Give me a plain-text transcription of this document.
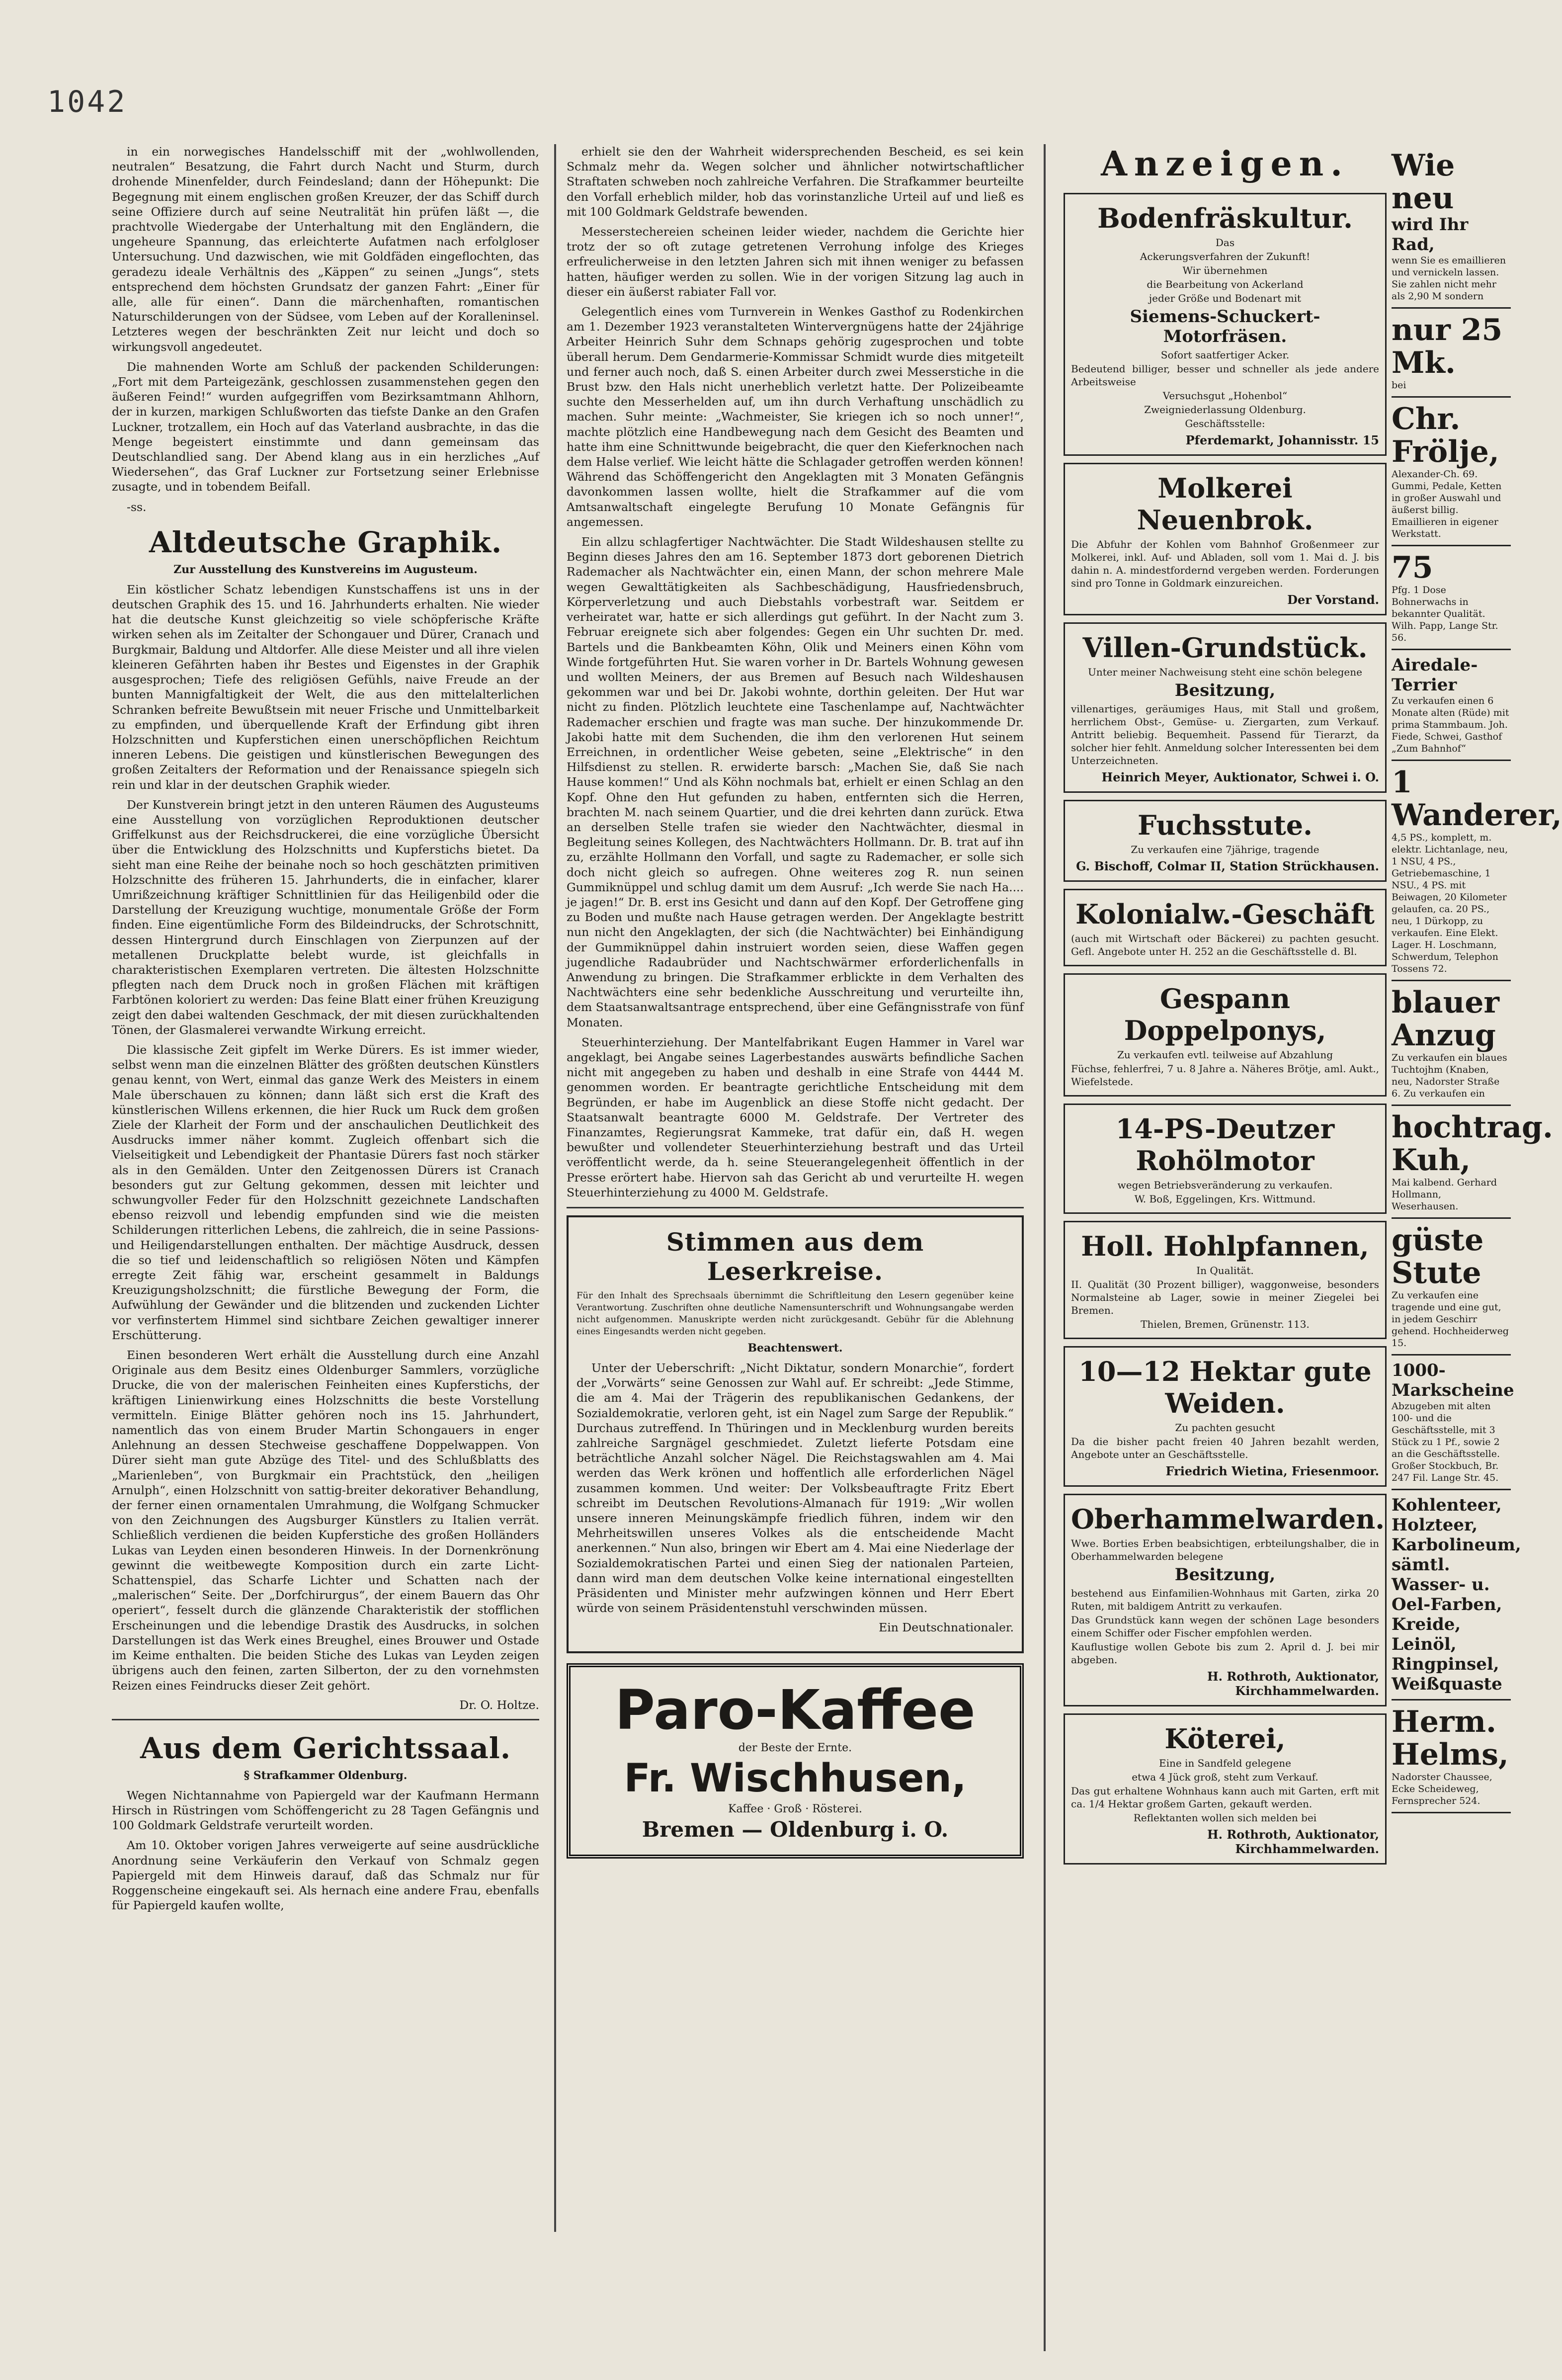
1042

in ein norwegisches Handelsschiff mit der „wohlwollenden, neutralen“ Besatzung, die Fahrt durch Nacht und Sturm, durch drohende Minenfelder, durch Feindesland; dann der Höhepunkt: Die Begegnung mit einem englischen großen Kreuzer, der das Schiff durch seine Offiziere durch auf seine Neutralität hin prüfen läßt —, die prachtvolle Wiedergabe der Unterhaltung mit den Engländern, die ungeheure Spannung, das erleichterte Aufatmen nach erfolgloser Untersuchung. Und dazwischen, wie mit Goldfäden eingeflochten, das geradezu ideale Verhältnis des „Käppen“ zu seinen „Jungs“, stets entsprechend dem höchsten Grundsatz der ganzen Fahrt: „Einer für alle, alle für einen“. Dann die märchenhaften, romantischen Naturschilderungen von der Südsee, vom Leben auf der Koralleninsel. Letzteres wegen der beschränkten Zeit nur leicht und doch so wirkungsvoll angedeutet.

Die mahnenden Worte am Schluß der packenden Schilderungen: „Fort mit dem Parteigezänk, geschlossen zusammenstehen gegen den äußeren Feind!“ wurden aufgegriffen vom Bezirksamtmann Ahlhorn, der in kurzen, markigen Schlußworten das tiefste Danke an den Grafen Luckner, trotzallem, ein Hoch auf das Vaterland ausbrachte, in das die Menge begeistert einstimmte und dann gemeinsam das Deutschlandlied sang. Der Abend klang aus in ein herzliches „Auf Wiedersehen“, das Graf Luckner zur Fortsetzung seiner Erlebnisse zusagte, und in tobendem Beifall.

-ss.

Altdeutsche Graphik.
Zur Ausstellung des Kunstvereins im Augusteum.

Ein köstlicher Schatz lebendigen Kunstschaffens ist uns in der deutschen Graphik des 15. und 16. Jahrhunderts erhalten. Nie wieder hat die deutsche Kunst gleichzeitig so viele schöpferische Kräfte wirken sehen als im Zeitalter der Schongauer und Dürer, Cranach und Burgkmair, Baldung und Altdorfer. Alle diese Meister und all ihre vielen kleineren Gefährten haben ihr Bestes und Eigenstes in der Graphik ausgesprochen; Tiefe des religiösen Gefühls, naive Freude an der bunten Mannigfaltigkeit der Welt, die aus den mittelalterlichen Schranken befreite Bewußtsein mit neuer Frische und Unmittelbarkeit zu empfinden, und überquellende Kraft der Erfindung gibt ihren Holzschnitten und Kupferstichen einen unerschöpflichen Reichtum inneren Lebens. Die geistigen und künstlerischen Bewegungen des großen Zeitalters der Reformation und der Renaissance spiegeln sich rein und klar in der deutschen Graphik wieder.

Der Kunstverein bringt jetzt in den unteren Räumen des Augusteums eine Ausstellung von vorzüglichen Reproduktionen deutscher Griffelkunst aus der Reichsdruckerei, die eine vorzügliche Übersicht über die Entwicklung des Holzschnitts und Kupferstichs bietet. Da sieht man eine Reihe der beinahe noch so hoch geschätzten primitiven Holzschnitte des früheren 15. Jahrhunderts, die in einfacher, klarer Umrißzeichnung kräftiger Schnittlinien für das Heiligenbild oder die Darstellung der Kreuzigung wuchtige, monumentale Größe der Form finden. Eine eigentümliche Form des Bildeindrucks, der Schrotschnitt, dessen Hintergrund durch Einschlagen von Zierpunzen auf der metallenen Druckplatte belebt wurde, ist gleichfalls in charakteristischen Exemplaren vertreten. Die ältesten Holzschnitte pflegten nach dem Druck noch in großen Flächen mit kräftigen Farbtönen koloriert zu werden: Das feine Blatt einer frühen Kreuzigung zeigt den dabei waltenden Geschmack, der mit diesen zurückhaltenden Tönen, der Glasmalerei verwandte Wirkung erreicht.

Die klassische Zeit gipfelt im Werke Dürers. Es ist immer wieder, selbst wenn man die einzelnen Blätter des größten deutschen Künstlers genau kennt, von Wert, einmal das ganze Werk des Meisters in einem Male überschauen zu können; dann läßt sich erst die Kraft des künstlerischen Willens erkennen, die hier Ruck um Ruck dem großen Ziele der Klarheit der Form und der anschaulichen Deutlichkeit des Ausdrucks immer näher kommt. Zugleich offenbart sich die Vielseitigkeit und Lebendigkeit der Phantasie Dürers fast noch stärker als in den Gemälden. Unter den Zeitgenossen Dürers ist Cranach besonders gut zur Geltung gekommen, dessen mit leichter und schwungvoller Feder für den Holzschnitt gezeichnete Landschaften ebenso reizvoll und lebendig empfunden sind wie die meisten Schilderungen ritterlichen Lebens, die zahlreich, die in seine Passions- und Heiligendarstellungen enthalten. Der mächtige Ausdruck, dessen die so tief und leidenschaftlich so religiösen Nöten und Kämpfen erregte Zeit fähig war, erscheint gesammelt in Baldungs Kreuzigungsholzschnitt; die fürstliche Bewegung der Form, die Aufwühlung der Gewänder und die blitzenden und zuckenden Lichter vor verfinstertem Himmel sind sichtbare Zeichen gewaltiger innerer Erschütterung.

Einen besonderen Wert erhält die Ausstellung durch eine Anzahl Originale aus dem Besitz eines Oldenburger Sammlers, vorzügliche Drucke, die von der malerischen Feinheiten eines Kupferstichs, der kräftigen Linienwirkung eines Holzschnitts die beste Vorstellung vermitteln. Einige Blätter gehören noch ins 15. Jahrhundert, namentlich das von einem Bruder Martin Schongauers in enger Anlehnung an dessen Stechweise geschaffene Doppelwappen. Von Dürer sieht man gute Abzüge des Titel- und des Schlußblatts des „Marienleben“, von Burgkmair ein Prachtstück, den „heiligen Arnulph“, einen Holzschnitt von sattig-breiter dekorativer Behandlung, der ferner einen ornamentalen Umrahmung, die Wolfgang Schmucker von den Zeichnungen des Augsburger Künstlers zu Italien verrät. Schließlich verdienen die beiden Kupferstiche des großen Holländers Lukas van Leyden einen besonderen Hinweis. In der Dornenkrönung gewinnt die weitbewegte Komposition durch ein zarte Licht-Schattenspiel, das Scharfe Lichter und Schatten nach der „malerischen“ Seite. Der „Dorfchirurgus“, der einem Bauern das Ohr operiert“, fesselt durch die glänzende Charakteristik der stofflichen Erscheinungen und die lebendige Drastik des Ausdrucks, in solchen Darstellungen ist das Werk eines Breughel, eines Brouwer und Ostade im Keime enthalten. Die beiden Stiche des Lukas van Leyden zeigen übrigens auch den feinen, zarten Silberton, der zu den vornehmsten Reizen eines Feindrucks dieser Zeit gehört.

Dr. O. Holtze.
Aus dem Gerichtssaal.
§ Strafkammer Oldenburg.

Wegen Nichtannahme von Papiergeld war der Kaufmann Hermann Hirsch in Rüstringen vom Schöffengericht zu 28 Tagen Gefängnis und 100 Goldmark Geldstrafe verurteilt worden.

Am 10. Oktober vorigen Jahres verweigerte auf seine ausdrückliche Anordnung seine Verkäuferin den Verkauf von Schmalz gegen Papiergeld mit dem Hinweis darauf, daß das Schmalz nur für Roggenscheine eingekauft sei. Als hernach eine andere Frau, ebenfalls für Papiergeld kaufen wollte,

erhielt sie den der Wahrheit widersprechenden Bescheid, es sei kein Schmalz mehr da. Wegen solcher und ähnlicher notwirtschaftlicher Straftaten schweben noch zahlreiche Verfahren. Die Strafkammer beurteilte den Vorfall erheblich milder, hob das vorinstanzliche Urteil auf und ließ es mit 100 Goldmark Geldstrafe bewenden.

Messerstechereien scheinen leider wieder, nachdem die Gerichte hier trotz der so oft zutage getretenen Verrohung infolge des Krieges erfreulicherweise in den letzten Jahren sich mit ihnen weniger zu befassen hatten, häufiger werden zu sollen. Wie in der vorigen Sitzung lag auch in dieser ein äußerst rabiater Fall vor.

Gelegentlich eines vom Turnverein in Wenkes Gasthof zu Rodenkirchen am 1. Dezember 1923 veranstalteten Wintervergnügens hatte der 24jährige Arbeiter Heinrich Suhr dem Schnaps gehörig zugesprochen und tobte überall herum. Dem Gendarmerie-Kommissar Schmidt wurde dies mitgeteilt und ferner auch noch, daß S. einen Arbeiter durch zwei Messerstiche in die Brust bzw. den Hals nicht unerheblich verletzt hatte. Der Polizeibeamte suchte den Messerhelden auf, um ihn durch Verhaftung unschädlich zu machen. Suhr meinte: „Wachmeister, Sie kriegen ich so noch unner!“, machte plötzlich eine Handbewegung nach dem Gesicht des Beamten und hatte ihm eine Schnittwunde beigebracht, die quer den Kieferknochen nach dem Halse verlief. Wie leicht hätte die Schlagader getroffen werden können! Während das Schöffengericht den Angeklagten mit 3 Monaten Gefängnis davonkommen lassen wollte, hielt die Strafkammer auf die vom Amtsanwaltschaft eingelegte Berufung 10 Monate Gefängnis für angemessen.

Ein allzu schlagfertiger Nachtwächter. Die Stadt Wildeshausen stellte zu Beginn dieses Jahres den am 16. September 1873 dort geborenen Dietrich Rademacher als Nachtwächter ein, einen Mann, der schon mehrere Male wegen Gewalttätigkeiten als Sachbeschädigung, Hausfriedensbruch, Körperverletzung und auch Diebstahls vorbestraft war. Seitdem er verheiratet war, hatte er sich allerdings gut geführt. In der Nacht zum 3. Februar ereignete sich aber folgendes: Gegen ein Uhr suchten Dr. med. Bartels und die Bankbeamten Köhn, Olik und Meiners einen Köhn vom Winde fortgeführten Hut. Sie waren vorher in Dr. Bartels Wohnung gewesen und wollten Meiners, der aus Bremen auf Besuch nach Wildeshausen gekommen war und bei Dr. Jakobi wohnte, dorthin geleiten. Der Hut war nicht zu finden. Plötzlich leuchtete eine Taschenlampe auf, Nachtwächter Rademacher erschien und fragte was man suche. Der hinzukommende Dr. Jakobi hatte mit dem Suchenden, die ihm den verlorenen Hut seinem Erreichnen, in ordentlicher Weise gebeten, seine „Elektrische“ in den Hilfsdienst zu stellen. R. erwiderte barsch: „Machen Sie, daß Sie nach Hause kommen!“ Und als Köhn nochmals bat, erhielt er einen Schlag an den Kopf. Ohne den Hut gefunden zu haben, entfernten sich die Herren, brachten M. nach seinem Quartier, und die drei kehrten dann zurück. Etwa an derselben Stelle trafen sie wieder den Nachtwächter, diesmal in Begleitung seines Kollegen, des Nachtwächters Hollmann. Dr. B. trat auf ihn zu, erzählte Hollmann den Vorfall, und sagte zu Rademacher, er solle sich doch nicht gleich so aufregen. Ohne weiteres zog R. nun seinen Gummiknüppel und schlug damit um dem Ausruf: „Ich werde Sie nach Ha.... je jagen!“ Dr. B. erst ins Gesicht und dann auf den Kopf. Der Getroffene ging zu Boden und mußte nach Hause getragen werden. Der Angeklagte bestritt nun nicht den Angeklagten, der sich (die Nachtwächter) bei Einhändigung der Gummiknüppel dahin instruiert worden seien, diese Waffen gegen jugendliche Radaubrüder und Nachtschwärmer erforderlichenfalls in Anwendung zu bringen. Die Strafkammer erblickte in dem Verhalten des Nachtwächters eine sehr bedenkliche Ausschreitung und verurteilte ihn, dem Staatsanwaltsantrage entsprechend, über eine Gefängnisstrafe von fünf Monaten.

Steuerhinterziehung. Der Mantelfabrikant Eugen Hammer in Varel war angeklagt, bei Angabe seines Lagerbestandes auswärts befindliche Sachen nicht mit angegeben zu haben und deshalb in eine Strafe von 4444 M. genommen worden. Er beantragte gerichtliche Entscheidung mit dem Begründen, er habe im Augenblick an diese Stoffe nicht gedacht. Der Staatsanwalt beantragte 6000 M. Geldstrafe. Der Vertreter des Finanzamtes, Regierungsrat Kammeke, trat dafür ein, daß H. wegen bewußter und vollendeter Steuerhinterziehung bestraft und das Urteil veröffentlicht werde, da h. seine Steuerangelegenheit öffentlich in der Presse erörtert habe. Hiervon sah das Gericht ab und verurteilte H. wegen Steuerhinterziehung zu 4000 M. Geldstrafe.

Stimmen aus dem Leserkreise.

Für den Inhalt des Sprechsaals übernimmt die Schriftleitung den Lesern gegenüber keine Verantwortung. Zuschriften ohne deutliche Namensunterschrift und Wohnungsangabe werden nicht aufgenommen. Manuskripte werden nicht zurückgesandt. Gebühr für die Ablehnung eines Eingesandts werden nicht gegeben.

Beachtenswert.

Unter der Ueberschrift: „Nicht Diktatur, sondern Monarchie“, fordert der „Vorwärts“ seine Genossen zur Wahl auf. Er schreibt: „Jede Stimme, die am 4. Mai der Trägerin des republikanischen Gedankens, der Sozialdemokratie, verloren geht, ist ein Nagel zum Sarge der Republik.“ Durchaus zutreffend. In Thüringen und in Mecklenburg wurden bereits zahlreiche Sargnägel geschmiedet. Zuletzt lieferte Potsdam eine beträchtliche Anzahl solcher Nägel. Die Reichstagswahlen am 4. Mai werden das Werk krönen und hoffentlich alle erforderlichen Nägel zusammen kommen. Und weiter: Der Volksbeauftragte Fritz Ebert schreibt im Deutschen Revolutions-Almanach für 1919: „Wir wollen unsere inneren Meinungskämpfe friedlich führen, indem wir den Mehrheitswillen unseres Volkes als die entscheidende Macht anerkennen.“ Nun also, bringen wir Ebert am 4. Mai eine Niederlage der Sozialdemokratischen Partei und einen Sieg der nationalen Parteien, dann wird man dem deutschen Volke keine international eingestellten Präsidenten und Minister mehr aufzwingen können und Herr Ebert würde von seinem Präsidentenstuhl verschwinden müssen.

Ein Deutschnationaler.
Paro-Kaffee
der Beste der Ernte.
Fr. Wischhusen,
Kaffee · Groß · Rösterei.
Bremen — Oldenburg i. O.
Anzeigen.
Bodenfräskultur.
Das
Ackerungsverfahren der Zukunft!
Wir übernehmen
die Bearbeitung von Ackerland
jeder Größe und Bodenart mit
Siemens-Schuckert-Motorfräsen.
Sofort saatfertiger Acker.
Bedeutend billiger, besser und schneller als jede andere Arbeitsweise
Versuchsgut „Hohenbol“
Zweigniederlassung Oldenburg.
Geschäftsstelle:
Pferdemarkt, Johannisstr. 15
Molkerei Neuenbrok.
Die Abfuhr der Kohlen vom Bahnhof Großenmeer zur Molkerei, inkl. Auf- und Abladen, soll vom 1. Mai d. J. bis dahin n. A. mindestfordernd vergeben werden. Forderungen sind pro Tonne in Goldmark einzureichen.
Der Vorstand.
Villen-Grundstück.
Unter meiner Nachweisung steht eine schön belegene
Besitzung,
villenartiges, geräumiges Haus, mit Stall und großem, herrlichem Obst-, Gemüse- u. Ziergarten, zum Verkauf. Antritt beliebig. Bequemheit. Passend für Tierarzt, da solcher hier fehlt. Anmeldung solcher Interessenten bei dem Unterzeichneten.
Heinrich Meyer, Auktionator, Schwei i. O.
Fuchsstute.
Zu verkaufen eine 7jährige, tragende
G. Bischoff, Colmar II, Station Strückhausen.
Kolonialw.-Geschäft
(auch mit Wirtschaft oder Bäckerei) zu pachten gesucht. Gefl. Angebote unter H. 252 an die Geschäftsstelle d. Bl.
Gespann Doppelponys,
Zu verkaufen evtl. teilweise auf Abzahlung
Füchse, fehlerfrei, 7 u. 8 Jahre a. Näheres Brötje, aml. Aukt., Wiefelstede.
14-PS-Deutzer Rohölmotor
wegen Betriebsveränderung zu verkaufen.
W. Boß, Eggelingen, Krs. Wittmund.
Holl. Hohlpfannen,
In Qualität.
II. Qualität (30 Prozent billiger), waggonweise, besonders Normalsteine ab Lager, sowie in meiner Ziegelei bei Bremen.
Thielen, Bremen, Grünenstr. 113.
10—12 Hektar gute Weiden.
Zu pachten gesucht
Da die bisher pacht freien 40 Jahren bezahlt werden, Angebote unter an Geschäftsstelle.
Friedrich Wietina, Friesenmoor.
Oberhammelwarden.
Wwe. Borties Erben beabsichtigen, erbteilungshalber, die in Oberhammelwarden belegene
Besitzung,
bestehend aus Einfamilien-Wohnhaus mit Garten, zirka 20 Ruten, mit baldigem Antritt zu verkaufen.
Das Grundstück kann wegen der schönen Lage besonders einem Schiffer oder Fischer empfohlen werden.
Kauflustige wollen Gebote bis zum 2. April d. J. bei mir abgeben.
H. Rothroth, Auktionator, Kirchhammelwarden.
Köterei,
Eine in Sandfeld gelegene
etwa 4 Jück groß, steht zum Verkauf.
Das gut erhaltene Wohnhaus kann auch mit Garten, erft mit ca. 1/4 Hektar großem Garten, gekauft werden.
Reflektanten wollen sich melden bei
H. Rothroth, Auktionator, Kirchhammelwarden.
Wie neu
wird Ihr Rad,

wenn Sie es emaillieren und vernickeln lassen. Sie zahlen nicht mehr als 2,90 M sondern

nur 25 Mk.

bei

Chr. Frölje,

Alexander-Ch. 69. Gummi, Pedale, Ketten in großer Auswahl und äußerst billig. Emaillieren in eigener Werkstatt.

75

Pfg. 1 Dose Bohnerwachs in bekannter Qualität. Wilh. Papp, Lange Str. 56.

Airedale-Terrier

Zu verkaufen einen 6 Monate alten (Rüde) mit prima Stammbaum. Joh. Fiede, Schwei, Gasthof „Zum Bahnhof“

1 Wanderer,

4,5 PS., komplett, m. elektr. Lichtanlage, neu, 1 NSU, 4 PS., Getriebemaschine, 1 NSU., 4 PS. mit Beiwagen, 20 Kilometer gelaufen, ca. 20 PS., neu, 1 Dürkopp, zu verkaufen. Eine Elekt. Lager. H. Loschmann, Schwerdum, Telephon Tossens 72.

blauer Anzug

Zu verkaufen ein blaues Tuchtojhm (Knaben, neu, Nadorster Straße 6. Zu verkaufen ein

hochtrag. Kuh,

Mai kalbend. Gerhard Hollmann, Weserhausen.

güste Stute

Zu verkaufen eine tragende und eine gut, in jedem Geschirr gehend. Hochheiderweg 15.

1000-Markscheine

Abzugeben mit alten 100- und die Geschäftsstelle, mit 3 Stück zu 1 Pf., sowie 2 an die Geschäftsstelle. Großer Stockbuch, Br. 247 Fil. Lange Str. 45.

Kohlenteer, Holzteer, Karbolineum, sämtl. Wasser- u. Oel-Farben, Kreide, Leinöl, Ringpinsel, Weißquaste
Herm. Helms,

Nadorster Chaussee, Ecke Scheideweg, Fernsprecher 524.
